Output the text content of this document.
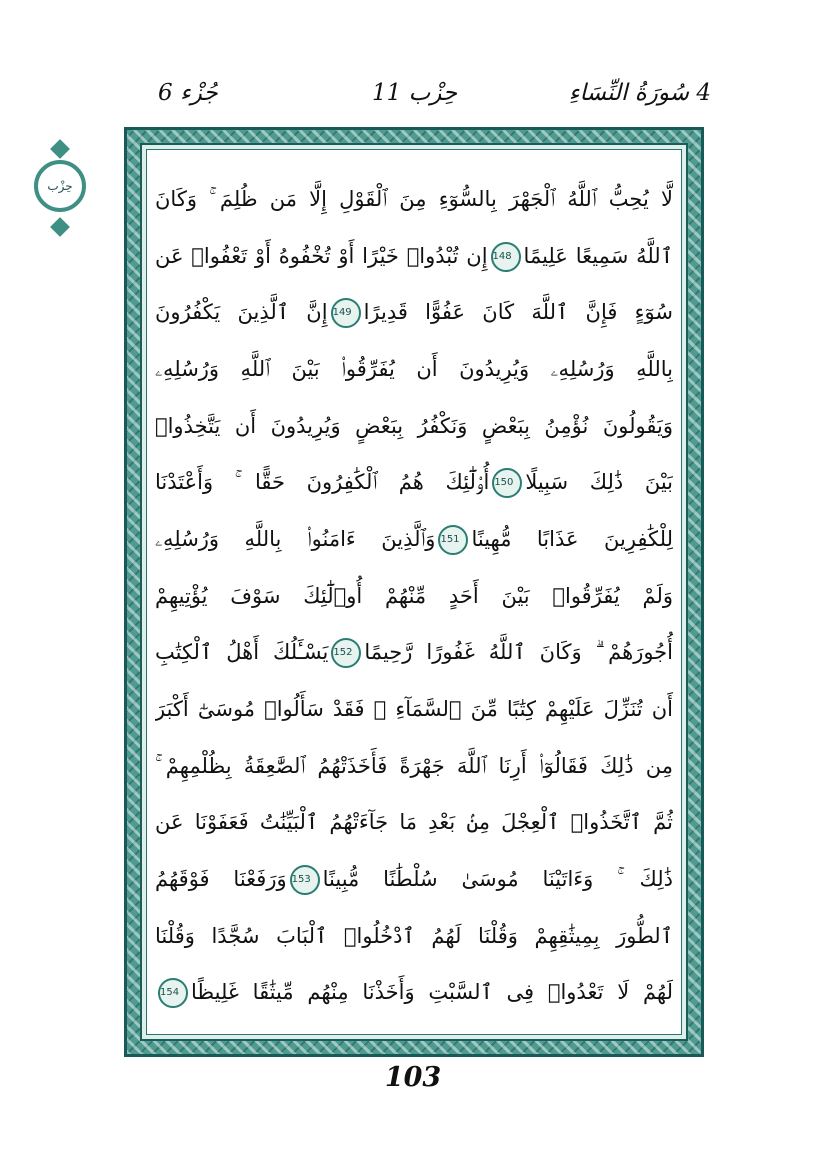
جُزْء 6	حِزْب 11	4 سُورَةُ النِّسَاءِ
حِزْب
لَّا يُحِبُّ ٱللَّهُ ٱلْجَهْرَ بِالسُّوٓءِ مِنَ ٱلْقَوْلِ إِلَّا مَن ظُلِمَ ۚ وَكَانَ
ٱللَّهُ سَمِيعًا عَلِيمًا148إِن تُبْدُوا۟ خَيْرًا أَوْ تُخْفُوهُ أَوْ تَعْفُوا۟ عَن
سُوٓءٍ فَإِنَّ ٱللَّهَ كَانَ عَفُوًّا قَدِيرًا149إِنَّ ٱلَّذِينَ يَكْفُرُونَ
بِاللَّهِ وَرُسُلِهِۦ وَيُرِيدُونَ أَن يُفَرِّقُوا۟ بَيْنَ ٱللَّهِ وَرُسُلِهِۦ
وَيَقُولُونَ نُؤْمِنُ بِبَعْضٍ وَنَكْفُرُ بِبَعْضٍ وَيُرِيدُونَ أَن يَتَّخِذُوا۟
بَيْنَ ذَٰلِكَ سَبِيلًا150أُو۟لَٰٓئِكَ هُمُ ٱلْكَٰفِرُونَ حَقًّا ۚ وَأَعْتَدْنَا
لِلْكَٰفِرِينَ عَذَابًا مُّهِينًا151وَٱلَّذِينَ ءَامَنُوا۟ بِاللَّهِ وَرُسُلِهِۦ
وَلَمْ يُفَرِّقُوا۟ بَيْنَ أَحَدٍ مِّنْهُمْ أُو۟لَٰٓئِكَ سَوْفَ يُؤْتِيهِمْ
أُجُورَهُمْ ۗ وَكَانَ ٱللَّهُ غَفُورًا رَّحِيمًا152يَسْـَٔلُكَ أَهْلُ ٱلْكِتَٰبِ
أَن تُنَزِّلَ عَلَيْهِمْ كِتَٰبًا مِّنَ ٱلسَّمَآءِ ۚ فَقَدْ سَأَلُوا۟ مُوسَىٰٓ أَكْبَرَ
مِن ذَٰلِكَ فَقَالُوٓا۟ أَرِنَا ٱللَّهَ جَهْرَةً فَأَخَذَتْهُمُ ٱلصَّٰعِقَةُ بِظُلْمِهِمْ ۚ
ثُمَّ ٱتَّخَذُوا۟ ٱلْعِجْلَ مِنۢ بَعْدِ مَا جَآءَتْهُمُ ٱلْبَيِّنَٰتُ فَعَفَوْنَا عَن
ذَٰلِكَ ۚ وَءَاتَيْنَا مُوسَىٰ سُلْطَٰنًا مُّبِينًا153وَرَفَعْنَا فَوْقَهُمُ
ٱلطُّورَ بِمِيثَٰقِهِمْ وَقُلْنَا لَهُمُ ٱدْخُلُوا۟ ٱلْبَابَ سُجَّدًا وَقُلْنَا
لَهُمْ لَا تَعْدُوا۟ فِى ٱلسَّبْتِ وَأَخَذْنَا مِنْهُم مِّيثَٰقًا غَلِيظًا154
103
